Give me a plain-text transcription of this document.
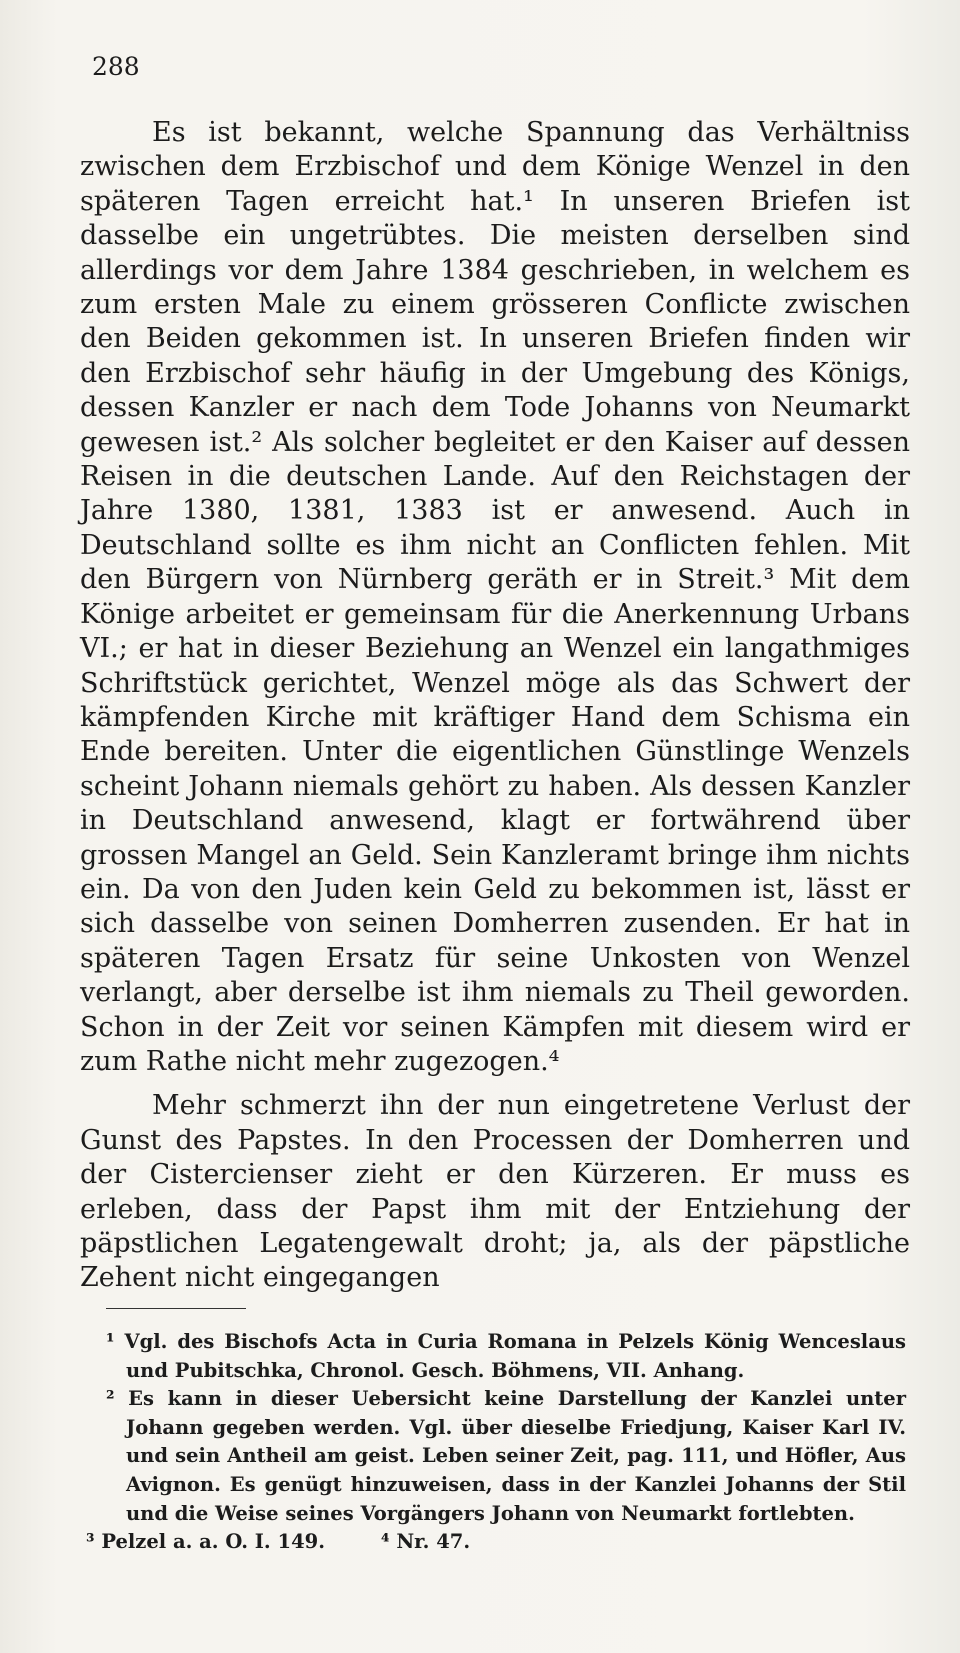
288

Es ist bekannt, welche Spannung das Verhältniss zwischen dem Erzbischof und dem Könige Wenzel in den späteren Tagen erreicht hat.¹ In unseren Briefen ist dasselbe ein ungetrübtes. Die meisten derselben sind allerdings vor dem Jahre 1384 geschrieben, in welchem es zum ersten Male zu einem grösseren Conflicte zwischen den Beiden gekommen ist. In unseren Briefen finden wir den Erzbischof sehr häufig in der Umgebung des Königs, dessen Kanzler er nach dem Tode Johanns von Neumarkt gewesen ist.² Als solcher begleitet er den Kaiser auf dessen Reisen in die deutschen Lande. Auf den Reichstagen der Jahre 1380, 1381, 1383 ist er anwesend. Auch in Deutschland sollte es ihm nicht an Conflicten fehlen. Mit den Bürgern von Nürnberg geräth er in Streit.³ Mit dem Könige arbeitet er gemeinsam für die Anerkennung Urbans VI.; er hat in dieser Beziehung an Wenzel ein langathmiges Schriftstück gerichtet, Wenzel möge als das Schwert der kämpfenden Kirche mit kräftiger Hand dem Schisma ein Ende bereiten. Unter die eigentlichen Günstlinge Wenzels scheint Johann niemals gehört zu haben. Als dessen Kanzler in Deutschland anwesend, klagt er fortwährend über grossen Mangel an Geld. Sein Kanzleramt bringe ihm nichts ein. Da von den Juden kein Geld zu bekommen ist, lässt er sich dasselbe von seinen Domherren zusenden. Er hat in späteren Tagen Ersatz für seine Unkosten von Wenzel verlangt, aber derselbe ist ihm niemals zu Theil geworden. Schon in der Zeit vor seinen Kämpfen mit diesem wird er zum Rathe nicht mehr zugezogen.⁴

Mehr schmerzt ihn der nun eingetretene Verlust der Gunst des Papstes. In den Processen der Domherren und der Cistercienser zieht er den Kürzeren. Er muss es erleben, dass der Papst ihm mit der Entziehung der päpstlichen Legatengewalt droht; ja, als der päpstliche Zehent nicht eingegangen

¹ Vgl. des Bischofs Acta in Curia Romana in Pelzels König Wenceslaus und Pubitschka, Chronol. Gesch. Böhmens, VII. Anhang.
² Es kann in dieser Uebersicht keine Darstellung der Kanzlei unter Johann gegeben werden. Vgl. über dieselbe Friedjung, Kaiser Karl IV. und sein Antheil am geist. Leben seiner Zeit, pag. 111, und Höfler, Aus Avignon. Es genügt hinzuweisen, dass in der Kanzlei Johanns der Stil und die Weise seines Vorgängers Johann von Neumarkt fortlebten.
³ Pelzel a. a. O. I. 149.	⁴ Nr. 47.
